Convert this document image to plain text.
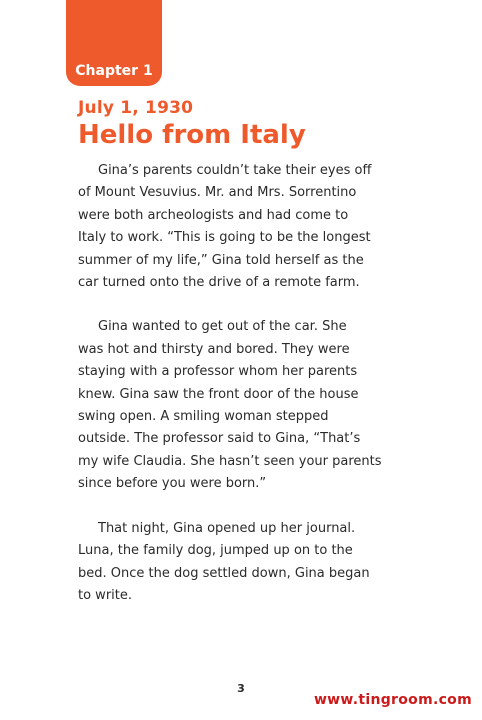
Chapter 1
July 1, 1930
Hello from Italy

Gina’s parents couldn’t take their eyes off
of Mount Vesuvius. Mr. and Mrs. Sorrentino
were both archeologists and had come to
Italy to work. “This is going to be the longest
summer of my life,” Gina told herself as the
car turned onto the drive of a remote farm.

Gina wanted to get out of the car. She
was hot and thirsty and bored. They were
staying with a professor whom her parents
knew. Gina saw the front door of the house
swing open. A smiling woman stepped
outside. The professor said to Gina, “That’s
my wife Claudia. She hasn’t seen your parents
since before you were born.”

That night, Gina opened up her journal.
Luna, the family dog, jumped up on to the
bed. Once the dog settled down, Gina began
to write.

3
www.tingroom.com
